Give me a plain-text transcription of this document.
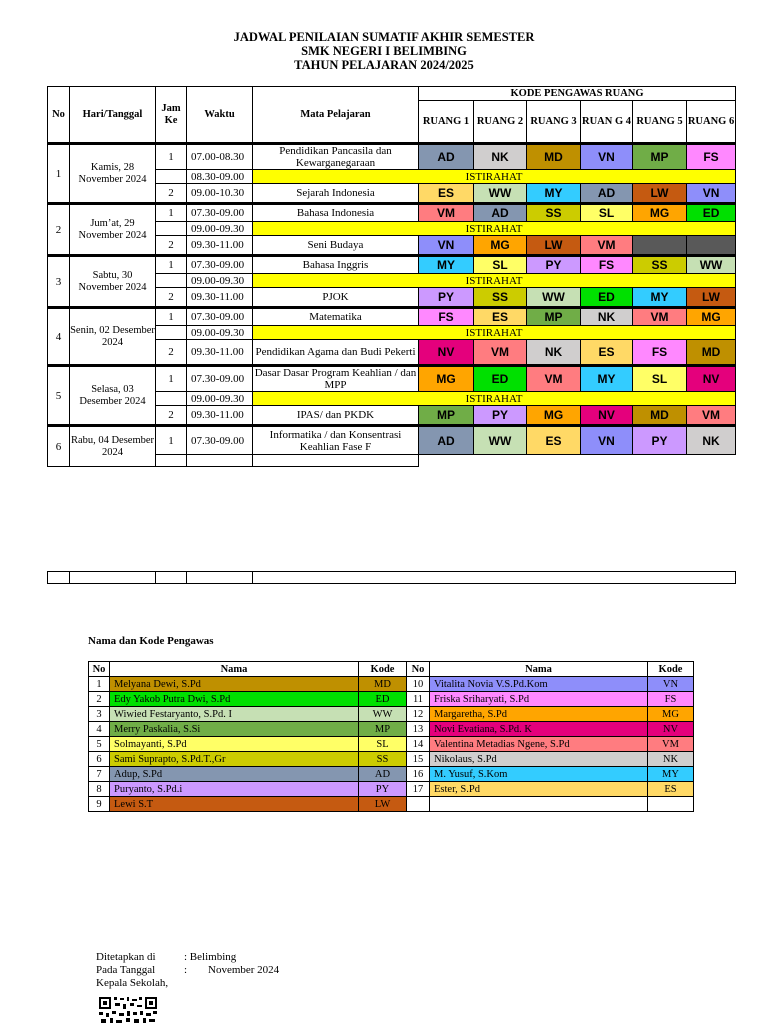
JADWAL PENILAIAN SUMATIF AKHIR SEMESTER
SMK NEGERI I BELIMBING
TAHUN PELAJARAN 2024/2025
No	Hari/Tanggal	Jam Ke	Waktu	Mata Pelajaran	KODE PENGAWAS RUANG					
					RUANG 1	RUANG 2	RUANG 3	RUAN G 4	RUANG 5	RUANG 6
1	Kamis, 28 November 2024	1	07.00-08.30	Pendidikan Pancasila dan Kewarganegaraan	AD	NK	MD	VN	MP	FS
			08.30-09.00	ISTIRAHAT						
		2	09.00-10.30	Sejarah Indonesia	ES	WW	MY	AD	LW	VN
2	Jum’at, 29 November 2024	1	07.30-09.00	Bahasa Indonesia	VM	AD	SS	SL	MG	ED
			09.00-09.30	ISTIRAHAT						
		2	09.30-11.00	Seni Budaya	VN	MG	LW	VM		
3	Sabtu, 30 November 2024	1	07.30-09.00	Bahasa Inggris	MY	SL	PY	FS	SS	WW
			09.00-09.30	ISTIRAHAT						
		2	09.30-11.00	PJOK	PY	SS	WW	ED	MY	LW
4	Senin, 02 Desember 2024	1	07.30-09.00	Matematika	FS	ES	MP	NK	VM	MG
			09.00-09.30	ISTIRAHAT						
		2	09.30-11.00	Pendidikan Agama dan Budi Pekerti	NV	VM	NK	ES	FS	MD
5	Selasa, 03 Desember 2024	1	07.30-09.00	Dasar Dasar Program Keahlian / dan MPP	MG	ED	VM	MY	SL	NV
			09.00-09.30	ISTIRAHAT						
		2	09.30-11.00	IPAS/ dan PKDK	MP	PY	MG	NV	MD	VM
6	Rabu, 04 Desember 2024	1	07.30-09.00	Informatika / dan Konsentrasi Keahlian Fase F	AD	WW	ES	VN	PY	NK

Nama dan Kode Pengawas
No	Nama	Kode	No	Nama	Kode
1	Melyana Dewi, S.Pd	MD	10	Vitalita Novia V.S.Pd.Kom	VN
2	Edy Yakob Putra Dwi, S.Pd	ED	11	Friska Sriharyati, S.Pd	FS
3	Wiwied Festaryanto, S.Pd. I	WW	12	Margaretha, S.Pd	MG
4	Merry Paskalia, S.Si	MP	13	Novi Evatiana, S.Pd. K	NV
5	Solmayanti, S.Pd	SL	14	Valentina Metadias Ngene, S.Pd	VM
6	Sami Suprapto, S.Pd.T.,Gr	SS	15	Nikolaus, S.Pd	NK
7	Adup, S.Pd	AD	16	M. Yusuf, S.Kom	MY
8	Puryanto, S.Pd.i	PY	17	Ester, S.Pd	ES
9	Lewi S.T	LW			
Ditetapkan di	: Belimbing
Pada Tanggal	: November 2024
Kepala Sekolah,
